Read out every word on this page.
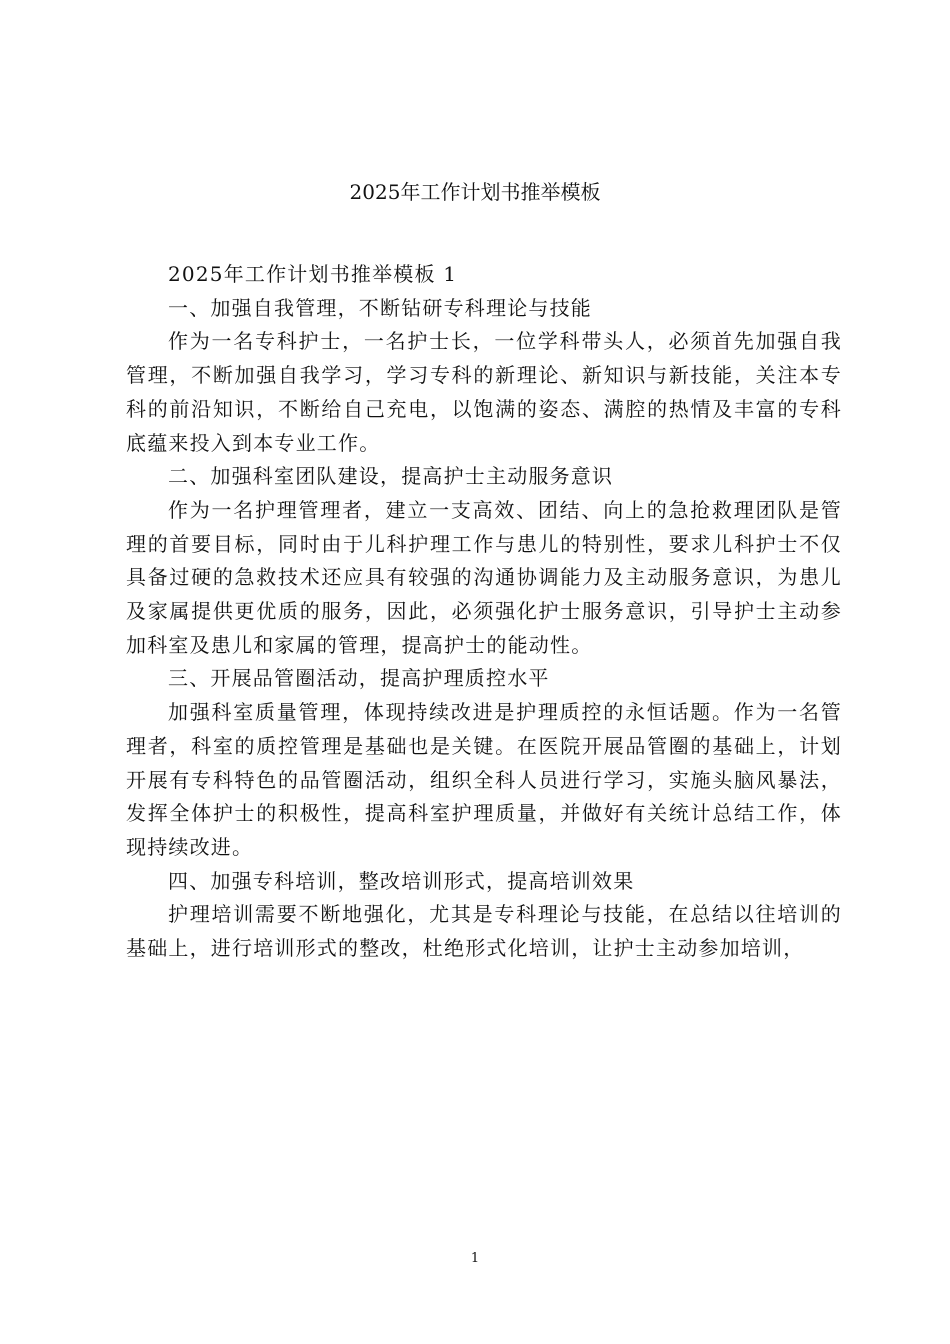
2025年工作计划书推举模板

2025年工作计划书推举模板 1

一、加强自我管理，不断钻研专科理论与技能

作为一名专科护士，一名护士长，一位学科带头人，必须首先加强自我管理，不断加强自我学习，学习专科的新理论、新知识与新技能，关注本专科的前沿知识，不断给自己充电，以饱满的姿态、满腔的热情及丰富的专科底蕴来投入到本专业工作。

二、加强科室团队建设，提高护士主动服务意识

作为一名护理管理者，建立一支高效、团结、向上的急抢救理团队是管理的首要目标，同时由于儿科护理工作与患儿的特别性，要求儿科护士不仅具备过硬的急救技术还应具有较强的沟通协调能力及主动服务意识，为患儿及家属提供更优质的服务，因此，必须强化护士服务意识，引导护士主动参加科室及患儿和家属的管理，提高护士的能动性。

三、开展品管圈活动，提高护理质控水平

加强科室质量管理，体现持续改进是护理质控的永恒话题。作为一名管理者，科室的质控管理是基础也是关键。在医院开展品管圈的基础上，计划开展有专科特色的品管圈活动，组织全科人员进行学习，实施头脑风暴法，发挥全体护士的积极性，提高科室护理质量，并做好有关统计总结工作，体现持续改进。

四、加强专科培训，整改培训形式，提高培训效果

护理培训需要不断地强化，尤其是专科理论与技能，在总结以往培训的基础上，进行培训形式的整改，杜绝形式化培训，让护士主动参加培训，

1
